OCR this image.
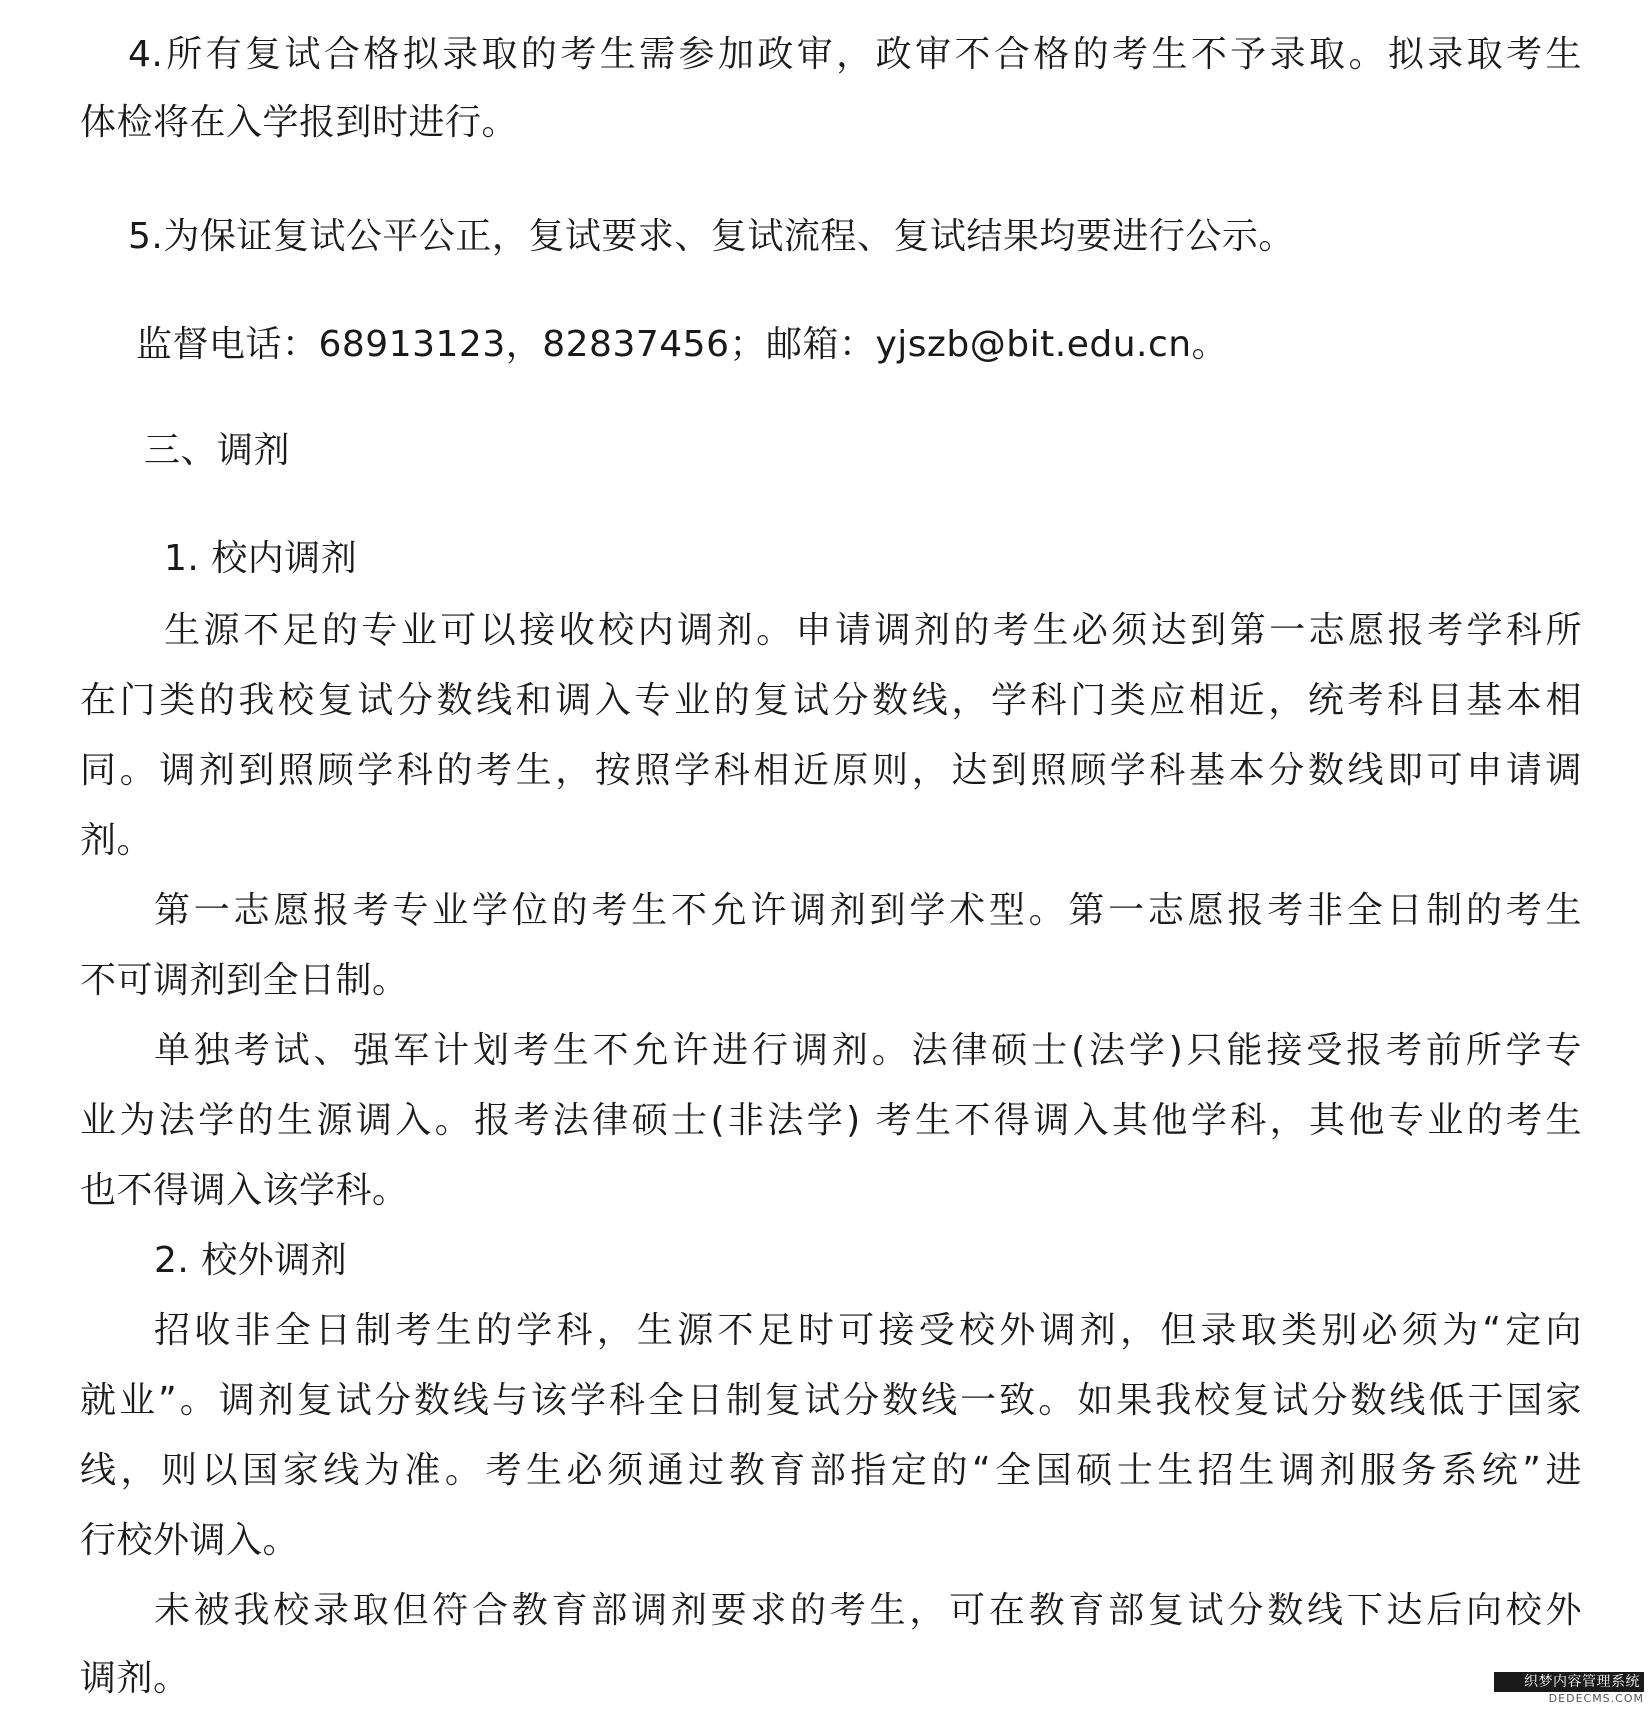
4.所有复试合格拟录取的考生需参加政审，政审不合格的考生不予录取。拟录取考生
体检将在入学报到时进行。
5.为保证复试公平公正，复试要求、复试流程、复试结果均要进行公示。
监督电话：68913123，82837456；邮箱：yjszb@bit.edu.cn。
三、调剂
1. 校内调剂
生源不足的专业可以接收校内调剂。申请调剂的考生必须达到第一志愿报考学科所
在门类的我校复试分数线和调入专业的复试分数线，学科门类应相近，统考科目基本相
同。调剂到照顾学科的考生，按照学科相近原则，达到照顾学科基本分数线即可申请调
剂。
第一志愿报考专业学位的考生不允许调剂到学术型。第一志愿报考非全日制的考生
不可调剂到全日制。
单独考试、强军计划考生不允许进行调剂。法律硕士(法学)只能接受报考前所学专
业为法学的生源调入。报考法律硕士(非法学) 考生不得调入其他学科，其他专业的考生
也不得调入该学科。
2. 校外调剂
招收非全日制考生的学科，生源不足时可接受校外调剂，但录取类别必须为“定向
就业”。调剂复试分数线与该学科全日制复试分数线一致。如果我校复试分数线低于国家
线，则以国家线为准。考生必须通过教育部指定的“全国硕士生招生调剂服务系统”进
行校外调入。
未被我校录取但符合教育部调剂要求的考生，可在教育部复试分数线下达后向校外
调剂。	织梦内容管理系统
DEDECMS.COM
